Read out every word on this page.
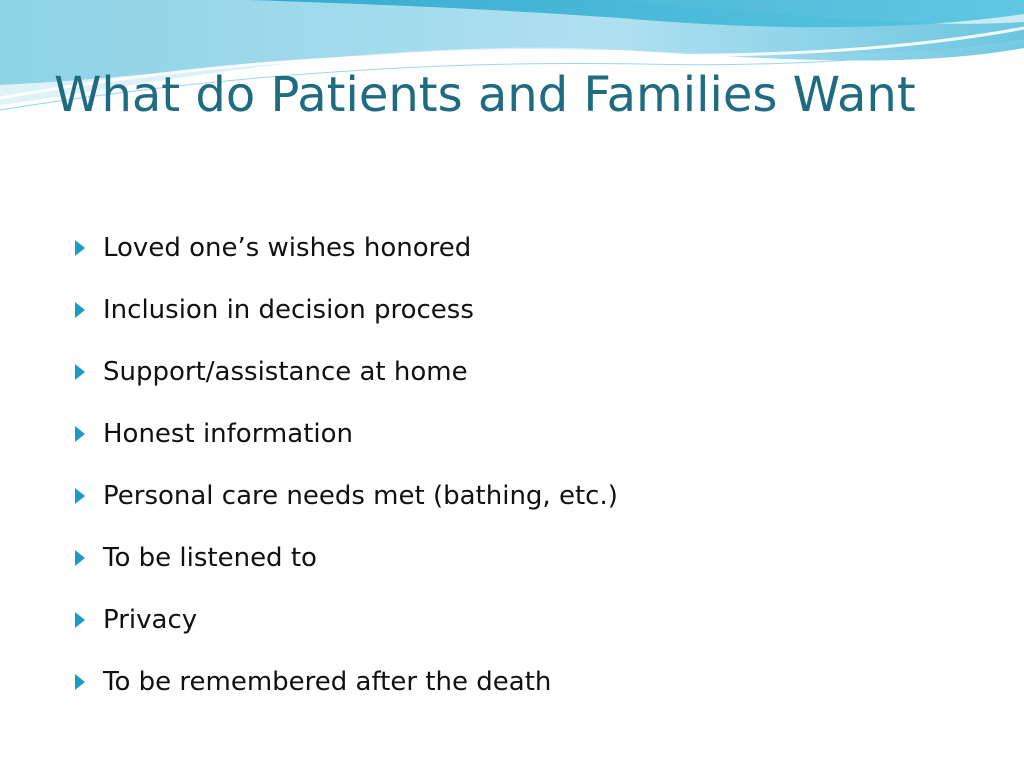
What do Patients and Families Want
Loved one’s wishes honored
Inclusion in decision process
Support/assistance at home
Honest information
Personal care needs met (bathing, etc.)
To be listened to
Privacy
To be remembered after the death
